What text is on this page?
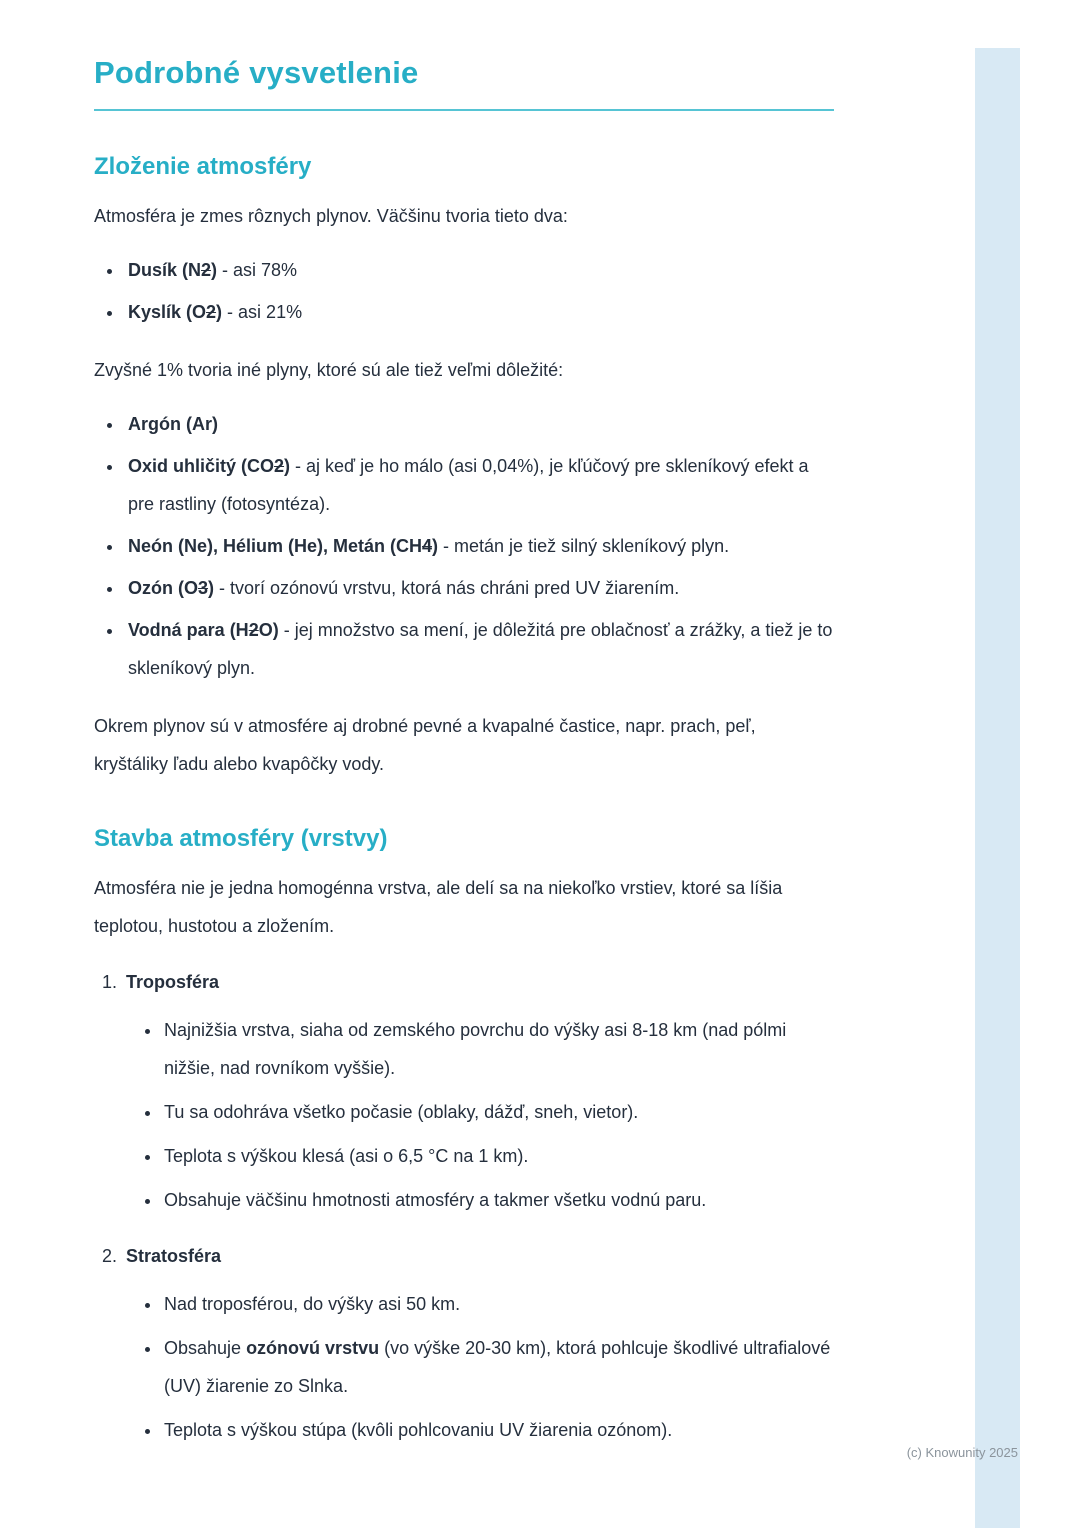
Podrobné vysvetlenie
Zloženie atmosféry

Atmosféra je zmes rôznych plynov. Väčšinu tvoria tieto dva:

• Dusík (N2) - asi 78%
• Kyslík (O2) - asi 21%

Zvyšné 1% tvoria iné plyny, ktoré sú ale tiež veľmi dôležité:

• Argón (Ar)
• Oxid uhličitý (CO2) - aj keď je ho málo (asi 0,04%), je kľúčový pre skleníkový efekt a pre rastliny (fotosyntéza).
• Neón (Ne), Hélium (He), Metán (CH4) - metán je tiež silný skleníkový plyn.
• Ozón (O3) - tvorí ozónovú vrstvu, ktorá nás chráni pred UV žiarením.
• Vodná para (H2O) - jej množstvo sa mení, je dôležitá pre oblačnosť a zrážky, a tiež je to skleníkový plyn.

Okrem plynov sú v atmosfére aj drobné pevné a kvapalné častice, napr. prach, peľ, kryštáliky ľadu alebo kvapôčky vody.

Stavba atmosféry (vrstvy)

Atmosféra nie je jedna homogénna vrstva, ale delí sa na niekoľko vrstiev, ktoré sa líšia teplotou, hustotou a zložením.

1. Troposféra
• Najnižšia vrstva, siaha od zemského povrchu do výšky asi 8-18 km (nad pólmi nižšie, nad rovníkom vyššie).
• Tu sa odohráva všetko počasie (oblaky, dážď, sneh, vietor).
• Teplota s výškou klesá (asi o 6,5 °C na 1 km).
• Obsahuje väčšinu hmotnosti atmosféry a takmer všetku vodnú paru.
2. Stratosféra
• Nad troposférou, do výšky asi 50 km.
• Obsahuje ozónovú vrstvu (vo výške 20-30 km), ktorá pohlcuje škodlivé ultrafialové (UV) žiarenie zo Slnka.
• Teplota s výškou stúpa (kvôli pohlcovaniu UV žiarenia ozónom).
(c) Knowunity 2025
